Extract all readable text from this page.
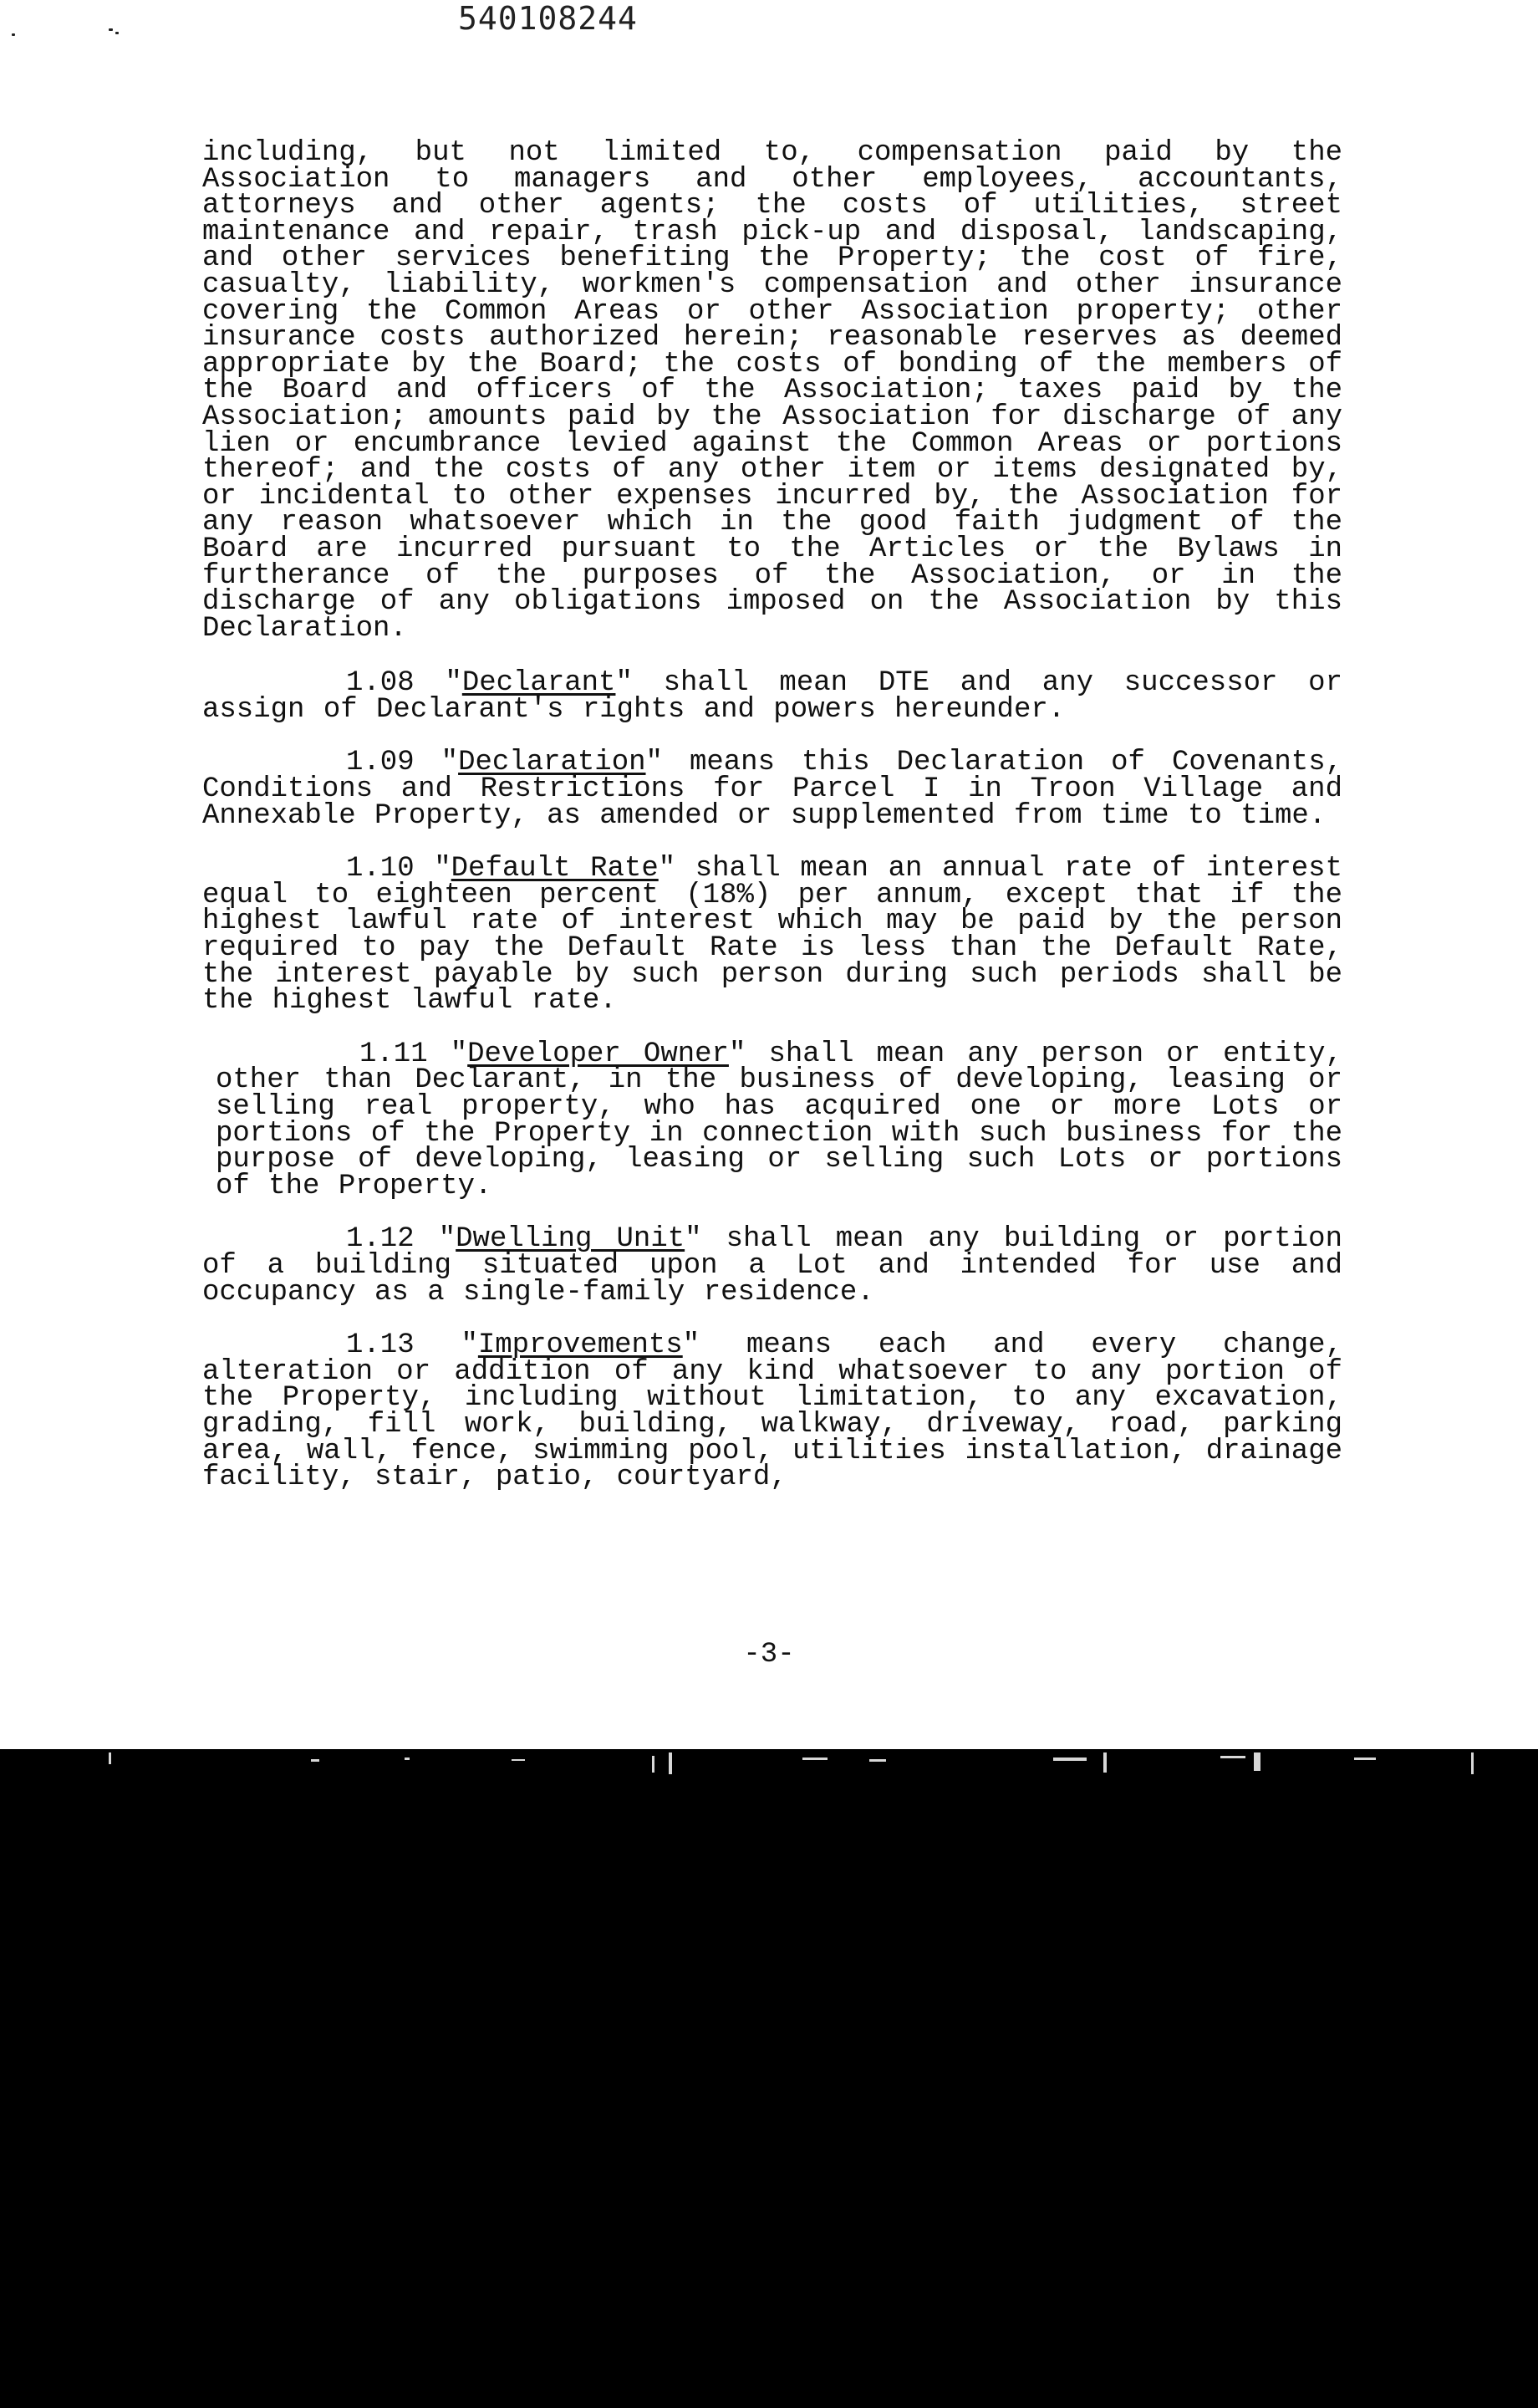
540108244

including, but not limited to, compensation paid by the Association to managers and other employees, accountants, attorneys and other agents; the costs of utilities, street maintenance and repair, trash pick-up and disposal, landscaping, and other services benefiting the Property; the cost of fire, casualty, liability, workmen's compensation and other insurance covering the Common Areas or other Association property; other insurance costs authorized herein; reasonable reserves as deemed appropriate by the Board; the costs of bonding of the members of the Board and officers of the Association; taxes paid by the Association; amounts paid by the Association for discharge of any lien or encumbrance levied against the Common Areas or portions thereof; and the costs of any other item or items designated by, or incidental to other expenses incurred by, the Association for any reason whatsoever which in the good faith judgment of the Board are incurred pursuant to the Articles or the Bylaws in furtherance of the purposes of the Association, or in the discharge of any obligations imposed on the Association by this Declaration.

1.08 "Declarant" shall mean DTE and any successor or assign of Declarant's rights and powers hereunder.

1.09 "Declaration" means this Declaration of Covenants, Conditions and Restrictions for Parcel I in Troon Village and Annexable Property, as amended or supplemented from time to time.

1.10 "Default Rate" shall mean an annual rate of interest equal to eighteen percent (18%) per annum, except that if the highest lawful rate of interest which may be paid by the person required to pay the Default Rate is less than the Default Rate, the interest payable by such person during such periods shall be the highest lawful rate.

1.11 "Developer Owner" shall mean any person or entity, other than Declarant, in the business of developing, leasing or selling real property, who has acquired one or more Lots or portions of the Property in connection with such business for the purpose of developing, leasing or selling such Lots or portions of the Property.

1.12 "Dwelling Unit" shall mean any building or portion of a building situated upon a Lot and intended for use and occupancy as a single-family residence.

1.13 "Improvements" means each and every change, alteration or addition of any kind whatsoever to any portion of the Property, including without limitation, to any excavation, grading, fill work, building, walkway, driveway, road, parking area, wall, fence, swimming pool, utilities installation, drainage facility, stair, patio, courtyard,

-3-
